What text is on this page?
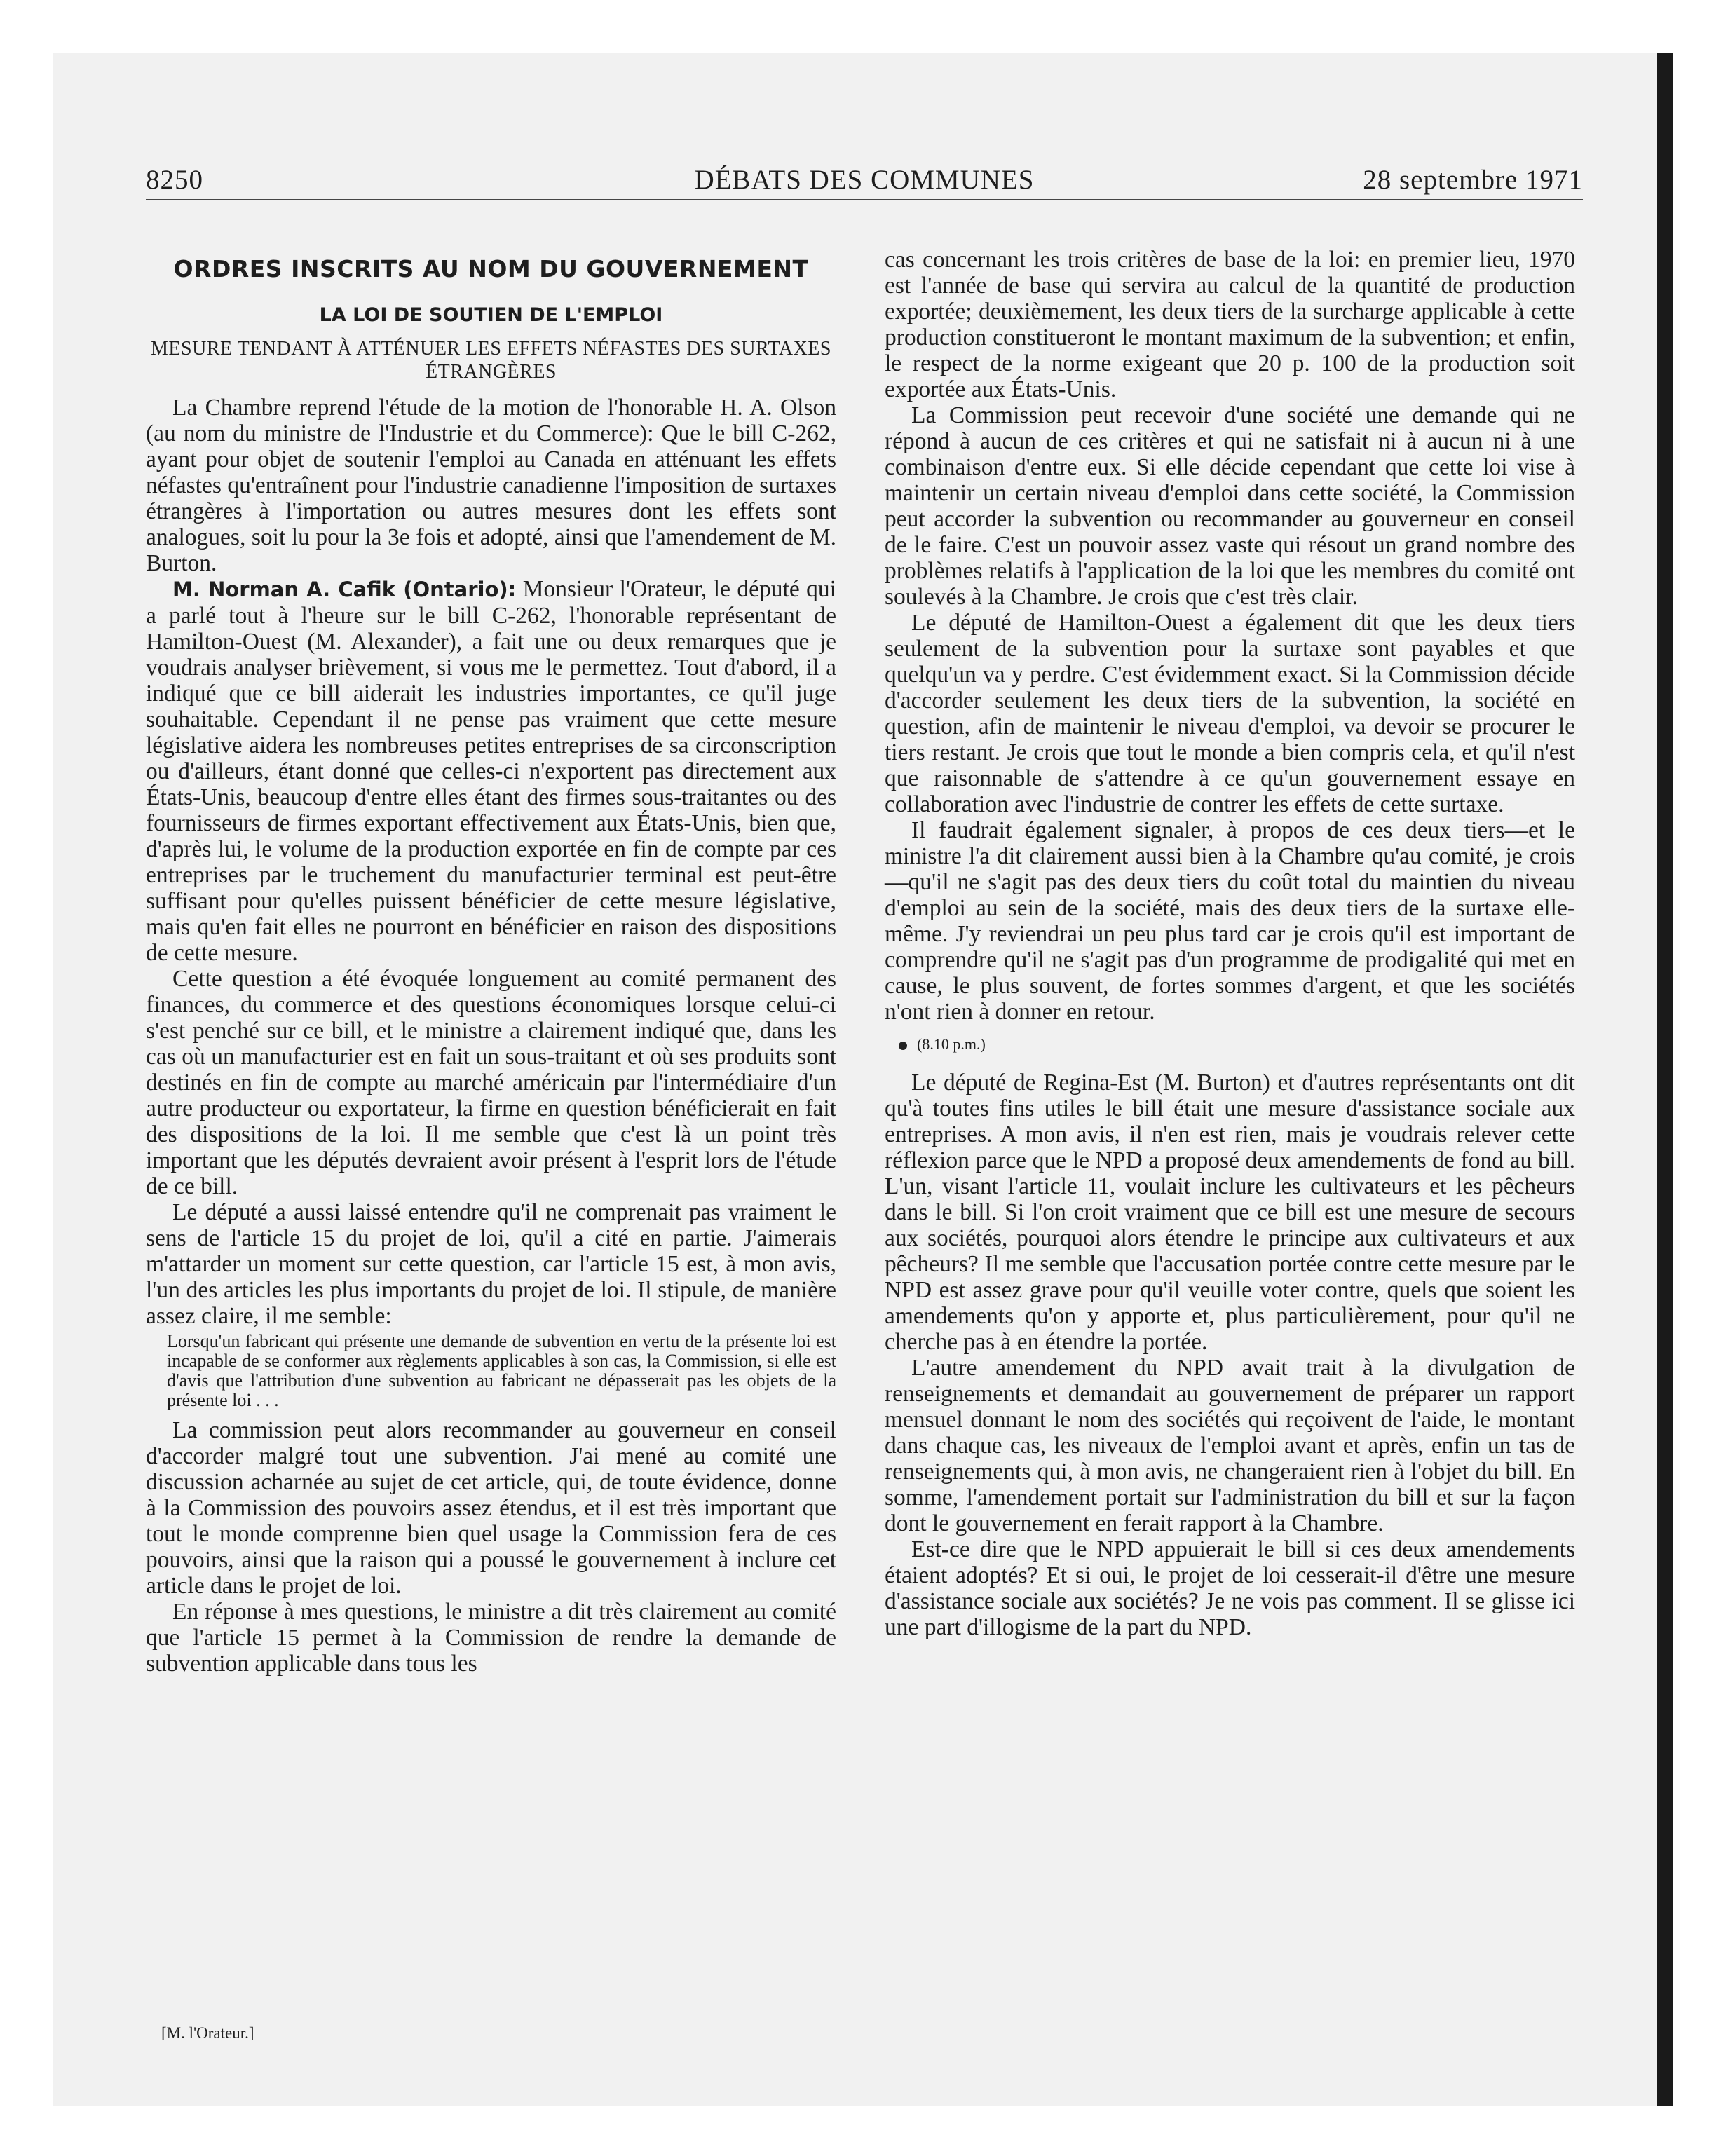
8250	DÉBATS DES COMMUNES	28 septembre 1971
ORDRES INSCRITS AU NOM DU GOUVERNEMENT
LA LOI DE SOUTIEN DE L'EMPLOI
MESURE TENDANT À ATTÉNUER LES EFFETS NÉFASTES DES SURTAXES ÉTRANGÈRES

La Chambre reprend l'étude de la motion de l'honorable H. A. Olson (au nom du ministre de l'Industrie et du Commerce): Que le bill C-262, ayant pour objet de soutenir l'emploi au Canada en atténuant les effets néfastes qu'entraînent pour l'industrie canadienne l'imposition de surtaxes étrangères à l'importation ou autres mesures dont les effets sont analogues, soit lu pour la 3e fois et adopté, ainsi que l'amendement de M. Burton.

M. Norman A. Cafik (Ontario): Monsieur l'Orateur, le député qui a parlé tout à l'heure sur le bill C-262, l'honorable représentant de Hamilton-Ouest (M. Alexander), a fait une ou deux remarques que je voudrais analyser brièvement, si vous me le permettez. Tout d'abord, il a indiqué que ce bill aiderait les industries importantes, ce qu'il juge souhaitable. Cependant il ne pense pas vraiment que cette mesure législative aidera les nombreuses petites entreprises de sa circonscription ou d'ailleurs, étant donné que celles-ci n'exportent pas directement aux États-Unis, beaucoup d'entre elles étant des firmes sous-traitantes ou des fournisseurs de firmes exportant effectivement aux États-Unis, bien que, d'après lui, le volume de la production exportée en fin de compte par ces entreprises par le truchement du manufacturier terminal est peut-être suffisant pour qu'elles puissent bénéficier de cette mesure législative, mais qu'en fait elles ne pourront en bénéficier en raison des dispositions de cette mesure.

Cette question a été évoquée longuement au comité permanent des finances, du commerce et des questions économiques lorsque celui-ci s'est penché sur ce bill, et le ministre a clairement indiqué que, dans les cas où un manufacturier est en fait un sous-traitant et où ses produits sont destinés en fin de compte au marché américain par l'intermédiaire d'un autre producteur ou exportateur, la firme en question bénéficierait en fait des dispositions de la loi. Il me semble que c'est là un point très important que les députés devraient avoir présent à l'esprit lors de l'étude de ce bill.

Le député a aussi laissé entendre qu'il ne comprenait pas vraiment le sens de l'article 15 du projet de loi, qu'il a cité en partie. J'aimerais m'attarder un moment sur cette question, car l'article 15 est, à mon avis, l'un des articles les plus importants du projet de loi. Il stipule, de manière assez claire, il me semble:

Lorsqu'un fabricant qui présente une demande de subvention en vertu de la présente loi est incapable de se conformer aux règlements applicables à son cas, la Commission, si elle est d'avis que l'attribution d'une subvention au fabricant ne dépasserait pas les objets de la présente loi . . .

La commission peut alors recommander au gouverneur en conseil d'accorder malgré tout une subvention. J'ai mené au comité une discussion acharnée au sujet de cet article, qui, de toute évidence, donne à la Commission des pouvoirs assez étendus, et il est très important que tout le monde comprenne bien quel usage la Commission fera de ces pouvoirs, ainsi que la raison qui a poussé le gouvernement à inclure cet article dans le projet de loi.

En réponse à mes questions, le ministre a dit très clairement au comité que l'article 15 permet à la Commission de rendre la demande de subvention applicable dans tous les

[M. l'Orateur.]

cas concernant les trois critères de base de la loi: en premier lieu, 1970 est l'année de base qui servira au calcul de la quantité de production exportée; deuxièmement, les deux tiers de la surcharge applicable à cette production constitueront le montant maximum de la subvention; et enfin, le respect de la norme exigeant que 20 p. 100 de la production soit exportée aux États-Unis.

La Commission peut recevoir d'une société une demande qui ne répond à aucun de ces critères et qui ne satisfait ni à aucun ni à une combinaison d'entre eux. Si elle décide cependant que cette loi vise à maintenir un certain niveau d'emploi dans cette société, la Commission peut accorder la subvention ou recommander au gouverneur en conseil de le faire. C'est un pouvoir assez vaste qui résout un grand nombre des problèmes relatifs à l'application de la loi que les membres du comité ont soulevés à la Chambre. Je crois que c'est très clair.

Le député de Hamilton-Ouest a également dit que les deux tiers seulement de la subvention pour la surtaxe sont payables et que quelqu'un va y perdre. C'est évidemment exact. Si la Commission décide d'accorder seulement les deux tiers de la subvention, la société en question, afin de maintenir le niveau d'emploi, va devoir se procurer le tiers restant. Je crois que tout le monde a bien compris cela, et qu'il n'est que raisonnable de s'attendre à ce qu'un gouvernement essaye en collaboration avec l'industrie de contrer les effets de cette surtaxe.

Il faudrait également signaler, à propos de ces deux tiers—et le ministre l'a dit clairement aussi bien à la Chambre qu'au comité, je crois—qu'il ne s'agit pas des deux tiers du coût total du maintien du niveau d'emploi au sein de la société, mais des deux tiers de la surtaxe elle-même. J'y reviendrai un peu plus tard car je crois qu'il est important de comprendre qu'il ne s'agit pas d'un programme de prodigalité qui met en cause, le plus souvent, de fortes sommes d'argent, et que les sociétés n'ont rien à donner en retour.

(8.10 p.m.)

Le député de Regina-Est (M. Burton) et d'autres représentants ont dit qu'à toutes fins utiles le bill était une mesure d'assistance sociale aux entreprises. A mon avis, il n'en est rien, mais je voudrais relever cette réflexion parce que le NPD a proposé deux amendements de fond au bill. L'un, visant l'article 11, voulait inclure les cultivateurs et les pêcheurs dans le bill. Si l'on croit vraiment que ce bill est une mesure de secours aux sociétés, pourquoi alors étendre le principe aux cultivateurs et aux pêcheurs? Il me semble que l'accusation portée contre cette mesure par le NPD est assez grave pour qu'il veuille voter contre, quels que soient les amendements qu'on y apporte et, plus particulièrement, pour qu'il ne cherche pas à en étendre la portée.

L'autre amendement du NPD avait trait à la divulgation de renseignements et demandait au gouvernement de préparer un rapport mensuel donnant le nom des sociétés qui reçoivent de l'aide, le montant dans chaque cas, les niveaux de l'emploi avant et après, enfin un tas de renseignements qui, à mon avis, ne changeraient rien à l'objet du bill. En somme, l'amendement portait sur l'administration du bill et sur la façon dont le gouvernement en ferait rapport à la Chambre.

Est-ce dire que le NPD appuierait le bill si ces deux amendements étaient adoptés? Et si oui, le projet de loi cesserait-il d'être une mesure d'assistance sociale aux sociétés? Je ne vois pas comment. Il se glisse ici une part d'illogisme de la part du NPD.
